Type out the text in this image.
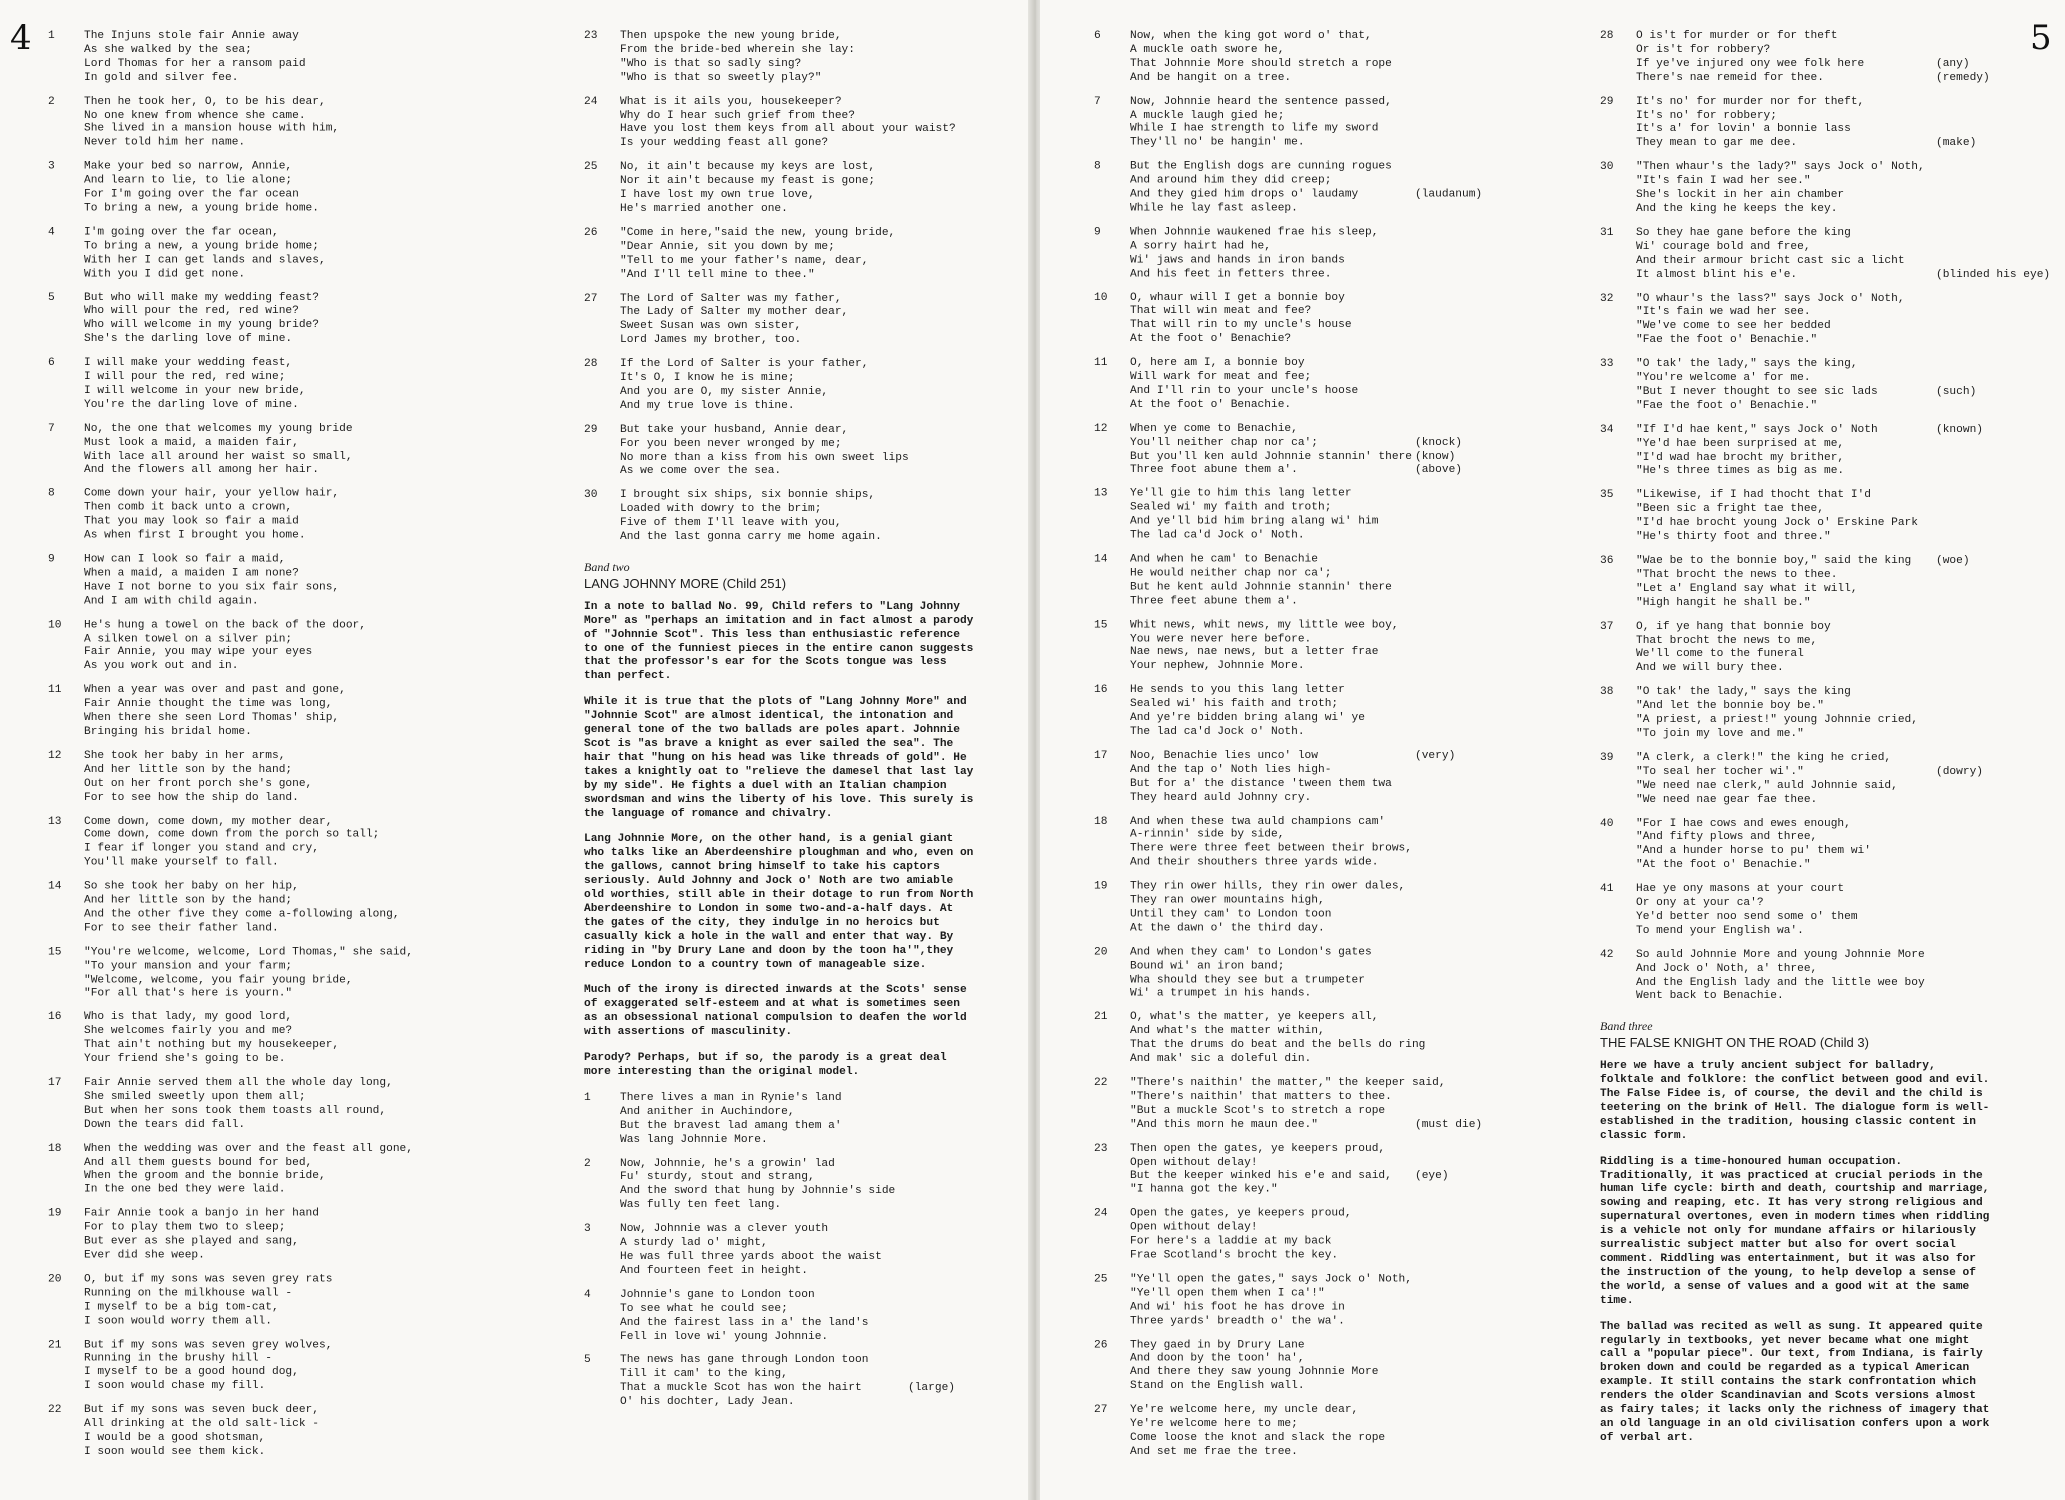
4 1	The Injuns stole fair Annie away
As she walked by the sea;
Lord Thomas for her a ransom paid
In gold and silver fee.
2	Then he took her, O, to be his dear,
No one knew from whence she came.
She lived in a mansion house with him,
Never told him her name.
3	Make your bed so narrow, Annie,
And learn to lie, to lie alone;
For I'm going over the far ocean
To bring a new, a young bride home.
4	I'm going over the far ocean,
To bring a new, a young bride home;
With her I can get lands and slaves,
With you I did get none.
5	But who will make my wedding feast?
Who will pour the red, red wine?
Who will welcome in my young bride?
She's the darling love of mine.
6	I will make your wedding feast,
I will pour the red, red wine;
I will welcome in your new bride,
You're the darling love of mine.
7	No, the one that welcomes my young bride
Must look a maid, a maiden fair,
With lace all around her waist so small,
And the flowers all among her hair.
8	Come down your hair, your yellow hair,
Then comb it back unto a crown,
That you may look so fair a maid
As when first I brought you home.
9	How can I look so fair a maid,
When a maid, a maiden I am none?
Have I not borne to you six fair sons,
And I am with child again.
10	He's hung a towel on the back of the door,
A silken towel on a silver pin;
Fair Annie, you may wipe your eyes
As you work out and in.
11	When a year was over and past and gone,
Fair Annie thought the time was long,
When there she seen Lord Thomas' ship,
Bringing his bridal home.
12	She took her baby in her arms,
And her little son by the hand;
Out on her front porch she's gone,
For to see how the ship do land.
13	Come down, come down, my mother dear,
Come down, come down from the porch so tall;
I fear if longer you stand and cry,
You'll make yourself to fall.
14	So she took her baby on her hip,
And her little son by the hand;
And the other five they come a-following along,
For to see their father land.
15	"You're welcome, welcome, Lord Thomas," she said,
"To your mansion and your farm;
"Welcome, welcome, you fair young bride,
"For all that's here is yourn."
16	Who is that lady, my good lord,
She welcomes fairly you and me?
That ain't nothing but my housekeeper,
Your friend she's going to be.
17	Fair Annie served them all the whole day long,
She smiled sweetly upon them all;
But when her sons took them toasts all round,
Down the tears did fall.
18	When the wedding was over and the feast all gone,
And all them guests bound for bed,
When the groom and the bonnie bride,
In the one bed they were laid.
19	Fair Annie took a banjo in her hand
For to play them two to sleep;
But ever as she played and sang,
Ever did she weep.
20	O, but if my sons was seven grey rats
Running on the milkhouse wall -
I myself to be a big tom-cat,
I soon would worry them all.
21	But if my sons was seven grey wolves,
Running in the brushy hill -
I myself to be a good hound dog,
I soon would chase my fill.
22	But if my sons was seven buck deer,
All drinking at the old salt-lick -
I would be a good shotsman,
I soon would see them kick.
23	Then upspoke the new young bride,
From the bride-bed wherein she lay:
"Who is that so sadly sing?
"Who is that so sweetly play?"
24	What is it ails you, housekeeper?
Why do I hear such grief from thee?
Have you lost them keys from all about your waist?
Is your wedding feast all gone?
25	No, it ain't because my keys are lost,
Nor it ain't because my feast is gone;
I have lost my own true love,
He's married another one.
26	"Come in here,"said the new, young bride,
"Dear Annie, sit you down by me;
"Tell to me your father's name, dear,
"And I'll tell mine to thee."
27	The Lord of Salter was my father,
The Lady of Salter my mother dear,
Sweet Susan was own sister,
Lord James my brother, too.
28	If the Lord of Salter is your father,
It's O, I know he is mine;
And you are O, my sister Annie,
And my true love is thine.
29	But take your husband, Annie dear,
For you been never wronged by me;
No more than a kiss from his own sweet lips
As we come over the sea.
30	I brought six ships, six bonnie ships,
Loaded with dowry to the brim;
Five of them I'll leave with you,
And the last gonna carry me home again.
Band two
LANG JOHNNY MORE (Child 251)
In a note to ballad No. 99, Child refers to "Lang Johnny More" as "perhaps an imitation and in fact almost a parody of "Johnnie Scot". This less than enthusiastic reference to one of the funniest pieces in the entire canon suggests that the professor's ear for the Scots tongue was less than perfect.
While it is true that the plots of "Lang Johnny More" and "Johnnie Scot" are almost identical, the intonation and general tone of the two ballads are poles apart. Johnnie Scot is "as brave a knight as ever sailed the sea". The hair that "hung on his head was like threads of gold". He takes a knightly oat to "relieve the damesel that last lay by my side". He fights a duel with an Italian champion swordsman and wins the liberty of his love. This surely is the language of romance and chivalry.
Lang Johnnie More, on the other hand, is a genial giant who talks like an Aberdeenshire ploughman and who, even on the gallows, cannot bring himself to take his captors seriously. Auld Johnny and Jock o' Noth are two amiable old worthies, still able in their dotage to run from North Aberdeenshire to London in some two-and-a-half days. At the gates of the city, they indulge in no heroics but casually kick a hole in the wall and enter that way. By riding in "by Drury Lane and doon by the toon ha'",they reduce London to a country town of manageable size.
Much of the irony is directed inwards at the Scots' sense of exaggerated self-esteem and at what is sometimes seen as an obsessional national compulsion to deafen the world with assertions of masculinity.
Parody? Perhaps, but if so, the parody is a great deal more interesting than the original model.
1	There lives a man in Rynie's land
And anither in Auchindore,
But the bravest lad amang them a'
Was lang Johnnie More.
2	Now, Johnnie, he's a growin' lad
Fu' sturdy, stout and strang,
And the sword that hung by Johnnie's side
Was fully ten feet lang.
3	Now, Johnnie was a clever youth
A sturdy lad o' might,
He was full three yards aboot the waist
And fourteen feet in height.
4	Johnnie's gane to London toon
To see what he could see;
And the fairest lass in a' the land's
Fell in love wi' young Johnnie.
5	The news has gane through London toon
Till it cam' to the king,
That a muckle Scot has won the hairt	(large)
O' his dochter, Lady Jean.
5
6	Now, when the king got word o' that,
A muckle oath swore he,
That Johnnie More should stretch a rope
And be hangit on a tree.
7	Now, Johnnie heard the sentence passed,
A muckle laugh gied he;
While I hae strength to life my sword
They'll no' be hangin' me.
8	But the English dogs are cunning rogues
And around him they did creep;
And they gied him drops o' laudamy	(laudanum)
While he lay fast asleep.
9	When Johnnie waukened frae his sleep,
A sorry hairt had he,
Wi' jaws and hands in iron bands
And his feet in fetters three.
10	O, whaur will I get a bonnie boy
That will win meat and fee?
That will rin to my uncle's house
At the foot o' Benachie?
11	O, here am I, a bonnie boy
Will wark for meat and fee;
And I'll rin to your uncle's hoose
At the foot o' Benachie.
12	When ye come to Benachie,
You'll neither chap nor ca';	(knock)
But you'll ken auld Johnnie stannin' there (know)
Three foot abune them a'.	(above)
13	Ye'll gie to him this lang letter
Sealed wi' my faith and troth;
And ye'll bid him bring alang wi' him
The lad ca'd Jock o' Noth.
14	And when he cam' to Benachie
He would neither chap nor ca';
But he kent auld Johnnie stannin' there
Three feet abune them a'.
15	Whit news, whit news, my little wee boy,
You were never here before.
Nae news, nae news, but a letter frae
Your nephew, Johnnie More.
16	He sends to you this lang letter
Sealed wi' his faith and troth;
And ye're bidden bring alang wi' ye
The lad ca'd Jock o' Noth.
17	Noo, Benachie lies unco' low	(very)
And the tap o' Noth lies high-
But for a' the distance 'tween them twa
They heard auld Johnny cry.
18	And when these twa auld champions cam'
A-rinnin' side by side,
There were three feet between their brows,
And their shouthers three yards wide.
19	They rin ower hills, they rin ower dales,
They ran ower mountains high,
Until they cam' to London toon
At the dawn o' the third day.
20	And when they cam' to London's gates
Bound wi' an iron band;
Wha should they see but a trumpeter
Wi' a trumpet in his hands.
21	O, what's the matter, ye keepers all,
And what's the matter within,
That the drums do beat and the bells do ring
And mak' sic a doleful din.
22	"There's naithin' the matter," the keeper said,
"There's naithin' that matters to thee.
"But a muckle Scot's to stretch a rope
"And this morn he maun dee."	(must die)
23	Then open the gates, ye keepers proud,
Open without delay!
But the keeper winked his e'e and said, (eye)
"I hanna got the key."
24	Open the gates, ye keepers proud,
Open without delay!
For here's a laddie at my back
Frae Scotland's brocht the key.
25	"Ye'll open the gates," says Jock o' Noth,
"Ye'll open them when I ca'!"
And wi' his foot he has drove in
Three yards' breadth o' the wa'.
26	They gaed in by Drury Lane
And doon by the toon' ha',
And there they saw young Johnnie More
Stand on the English wall.
27	Ye're welcome here, my uncle dear,
Ye're welcome here to me;
Come loose the knot and slack the rope
And set me frae the tree.
28	O is't for murder or for theft
Or is't for robbery?
If ye've injured ony wee folk here	(any)
There's nae remeid for thee.	(remedy)
29	It's no' for murder nor for theft,
It's no' for robbery;
It's a' for lovin' a bonnie lass
They mean to gar me dee.	(make)
30	"Then whaur's the lady?" says Jock o' Noth,
"It's fain I wad her see."
She's lockit in her ain chamber
And the king he keeps the key.
31	So they hae gane before the king
Wi' courage bold and free,
And their armour bricht cast sic a licht
It almost blint his e'e.	(blinded his eye)
32	"O whaur's the lass?" says Jock o' Noth,
"It's fain we wad her see.
"We've come to see her bedded
"Fae the foot o' Benachie."
33	"O tak' the lady," says the king,
"You're welcome a' for me.
"But I never thought to see sic lads	(such)
"Fae the foot o' Benachie."
34	"If I'd hae kent," says Jock o' Noth	(known)
"Ye'd hae been surprised at me,
"I'd wad hae brocht my brither,
"He's three times as big as me.
35	"Likewise, if I had thocht that I'd
"Been sic a fright tae thee,
"I'd hae brocht young Jock o' Erskine Park
"He's thirty foot and three."
36	"Wae be to the bonnie boy," said the king (woe)
"That brocht the news to thee.
"Let a' England say what it will,
"High hangit he shall be."
37	O, if ye hang that bonnie boy
That brocht the news to me,
We'll come to the funeral
And we will bury thee.
38	"O tak' the lady," says the king
"And let the bonnie boy be."
"A priest, a priest!" young Johnnie cried,
"To join my love and me."
39	"A clerk, a clerk!" the king he cried,
"To seal her tocher wi'."	(dowry)
"We need nae clerk," auld Johnnie said,
"We need nae gear fae thee.
40	"For I hae cows and ewes enough,
"And fifty plows and three,
"And a hunder horse to pu' them wi'
"At the foot o' Benachie."
41	Hae ye ony masons at your court
Or ony at your ca'?
Ye'd better noo send some o' them
To mend your English wa'.
42	So auld Johnnie More and young Johnnie More
And Jock o' Noth, a' three,
And the English lady and the little wee boy
Went back to Benachie.
Band three
THE FALSE KNIGHT ON THE ROAD (Child 3)
Here we have a truly ancient subject for balladry, folktale and folklore: the conflict between good and evil. The False Fidee is, of course, the devil and the child is teetering on the brink of Hell. The dialogue form is well-established in the tradition, housing classic content in classic form.
Riddling is a time-honoured human occupation. Traditionally, it was practiced at crucial periods in the human life cycle: birth and death, courtship and marriage, sowing and reaping, etc. It has very strong religious and supernatural overtones, even in modern times when riddling is a vehicle not only for mundane affairs or hilariously surrealistic subject matter but also for overt social comment. Riddling was entertainment, but it was also for the instruction of the young, to help develop a sense of the world, a sense of values and a good wit at the same time.
The ballad was recited as well as sung. It appeared quite regularly in textbooks, yet never became what one might call a "popular piece". Our text, from Indiana, is fairly broken down and could be regarded as a typical American example. It still contains the stark confrontation which renders the older Scandinavian and Scots versions almost as fairy tales; it lacks only the richness of imagery that an old language in an old civilisation confers upon a work of verbal art.
